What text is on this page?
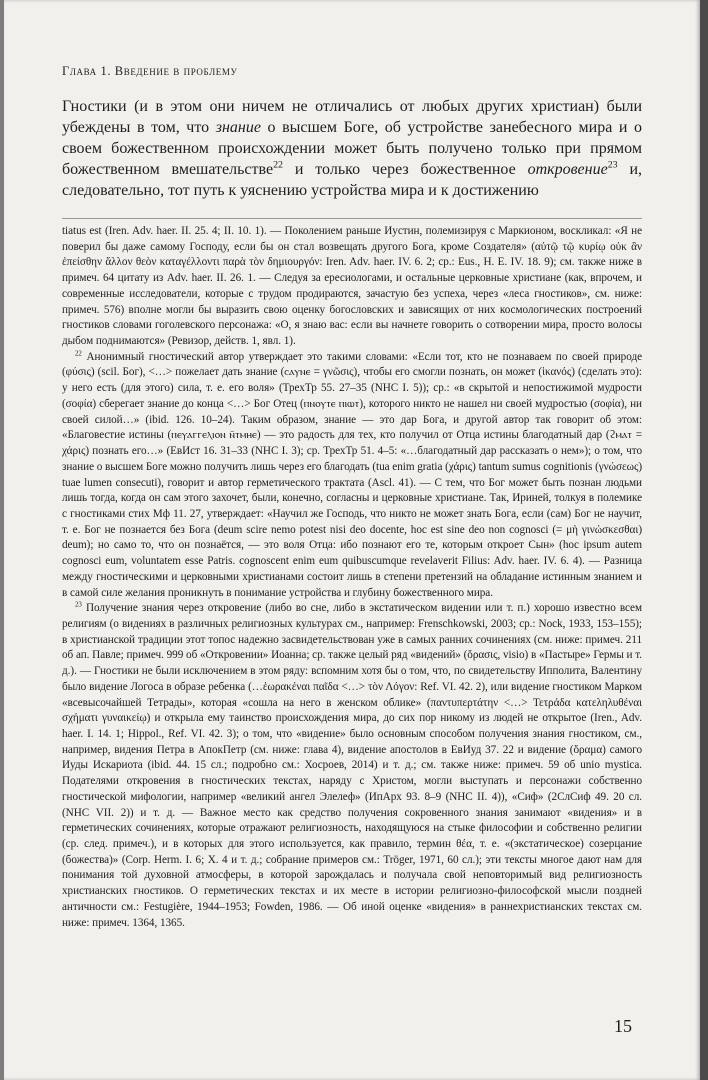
Глава 1. Введение в проблему

Гностики (и в этом они ничем не отличались от любых других христиан) были убеждены в том, что знание о высшем Боге, об устройстве занебесного мира и о своем божественном происхождении может быть получено только при прямом божественном вмешательстве$^{22}$ и только через божественное откровение$^{23}$ и, следовательно, тот путь к уяснению устройства мира и к достижению

tiatus est (Iren. Adv. haer. II. 25. 4; II. 10. 1). — Поколением раньше Иустин, полемизируя с Маркионом, воскликал: «Я не поверил бы даже самому Господу, если бы он стал возвещать другого Бога, кроме Создателя» (αὐτῷ τῷ κυρίῳ οὐκ ἂν ἐπείσθην ἄλλον θεὸν καταγέλλοντι παρὰ τὸν δημιουργόν: Iren. Adv. haer. IV. 6. 2; ср.: Eus., H. E. IV. 18. 9); см. также ниже в примеч. 64 цитату из Adv. haer. II. 26. 1. — Следуя за ересиологами, и остальные церковные христиане (как, впрочем, и современные исследователи, которые с трудом продираются, зачастую без успеха, через «леса гностиков», см. ниже: примеч. 576) вполне могли бы выразить свою оценку богословских и зависящих от них космологических построений гностиков словами гоголевского персонажа: «О, я знаю вас: если вы начнете говорить о сотворении мира, просто волосы дыбом поднимаются» (Ревизор, действ. 1, явл. 1).

$^{22}$ Анонимный гностический автор утверждает это такими словами: «Если тот, кто не познаваем по своей природе (φύσις) (scil. Бог), <…> пожелает дать знание (ⲥⲁⲩⲛⲉ = γνῶσις), чтобы его смогли познать, он может (ἱκανός) (сделать это): у него есть (для этого) сила, т. е. его воля» (ТрехТр 55. 27–35 (NHC I. 5)); ср.: «в скрытой и непостижимой мудрости (σοφία) сберегает знание до конца <…> Бог Отец (ⲡⲛⲟⲩⲧⲉ ⲡⲓⲱⲧ), которого никто не нашел ни своей мудростью (σοφία), ни своей силой…» (ibid. 126. 10–24). Таким образом, знание — это дар Бога, и другой автор так говорит об этом: «Благовестие истины (ⲡⲉⲩⲁⲅⲅⲉⲗⲓⲟⲛ ⲛ̄ⲧⲙⲏⲉ) — это радость для тех, кто получил от Отца истины благодатный дар (ϩⲙⲁⲧ = χάρις) познать его…» (ЕвИст 16. 31–33 (NHC I. 3); ср. ТрехТр 51. 4–5: «…благодатный дар рассказать о нем»); о том, что знание о высшем Боге можно получить лишь через его благодать (tua enim gratia (χάρις) tantum sumus cognitionis (γνώσεως) tuae lumen consecuti), говорит и автор герметического трактата (Ascl. 41). — С тем, что Бог может быть познан людьми лишь тогда, когда он сам этого захочет, были, конечно, согласны и церковные христиане. Так, Ириней, толкуя в полемике с гностиками стих Мф 11. 27, утверждает: «Научил же Господь, что никто не может знать Бога, если (сам) Бог не научит, т. е. Бог не познается без Бога (deum scire nemo potest nisi deo docente, hoc est sine deo non cognosci (= μὴ γινώσκεσθαι) deum); но само то, что он познаётся, — это воля Отца: ибо познают его те, которым откроет Сын» (hoc ipsum autem cognosci eum, voluntatem esse Patris. cognoscent enim eum quibuscumque revelaverit Filius: Adv. haer. IV. 6. 4). — Разница между гностическими и церковными христианами состоит лишь в степени претензий на обладание истинным знанием и в самой силе желания проникнуть в понимание устройства и глубину божественного мира.

$^{23}$ Получение знания через откровение (либо во сне, либо в экстатическом видении или т. п.) хорошо известно всем религиям (о видениях в различных религиозных культурах см., например: Frenschkowski, 2003; ср.: Nock, 1933, 153–155); в христианской традиции этот топос надежно засвидетельствован уже в самых ранних сочинениях (см. ниже: примеч. 211 об ап. Павле; примеч. 999 об «Откровении» Иоанна; ср. также целый ряд «видений» (ὅρασις, visio) в «Пастыре» Гермы и т. д.). — Гностики не были исключением в этом ряду: вспомним хотя бы о том, что, по свидетельству Ипполита, Валентину было видение Логоса в образе ребенка (…ἑωρακέναι παῖδα <…> τὸν Λόγον: Ref. VI. 42. 2), или видение гностиком Марком «всевысочайшей Тетрады», которая «сошла на него в женском облике» (παντυπερτάτην <…> Τετράδα κατεληλυθέναι σχήματι γυναικείῳ) и открыла ему таинство происхождения мира, до сих пор никому из людей не открытое (Iren., Adv. haer. I. 14. 1; Hippol., Ref. VI. 42. 3); о том, что «видение» было основным способом получения знания гностиком, см., например, видения Петра в АпокПетр (см. ниже: глава 4), видение апостолов в ЕвИуд 37. 22 и видение (ὅραμα) самого Иуды Искариота (ibid. 44. 15 сл.; подробно см.: Хосроев, 2014) и т. д.; см. также ниже: примеч. 59 об unio mystica. Подателями откровения в гностических текстах, наряду с Христом, могли выступать и персонажи собственно гностической мифологии, например «великий ангел Элелеф» (ИпАрх 93. 8–9 (NHC II. 4)), «Сиф» (2СлСиф 49. 20 сл. (NHC VII. 2)) и т. д. — Важное место как средство получения сокровенного знания занимают «видения» и в герметических сочинениях, которые отражают религиозность, находящуюся на стыке философии и собственно религии (ср. след. примеч.), и в которых для этого используется, как правило, термин θέα, т. е. «(экстатическое) созерцание (божества)» (Corp. Herm. I. 6; X. 4 и т. д.; собрание примеров см.: Tröger, 1971, 60 сл.); эти тексты многое дают нам для понимания той духовной атмосферы, в которой зарождалась и получала свой неповторимый вид религиозность христианских гностиков. О герметических текстах и их месте в истории религиозно-философской мысли поздней античности см.: Festugière, 1944–1953; Fowden, 1986. — Об иной оценке «видения» в раннехристианских текстах см. ниже: примеч. 1364, 1365.

15
